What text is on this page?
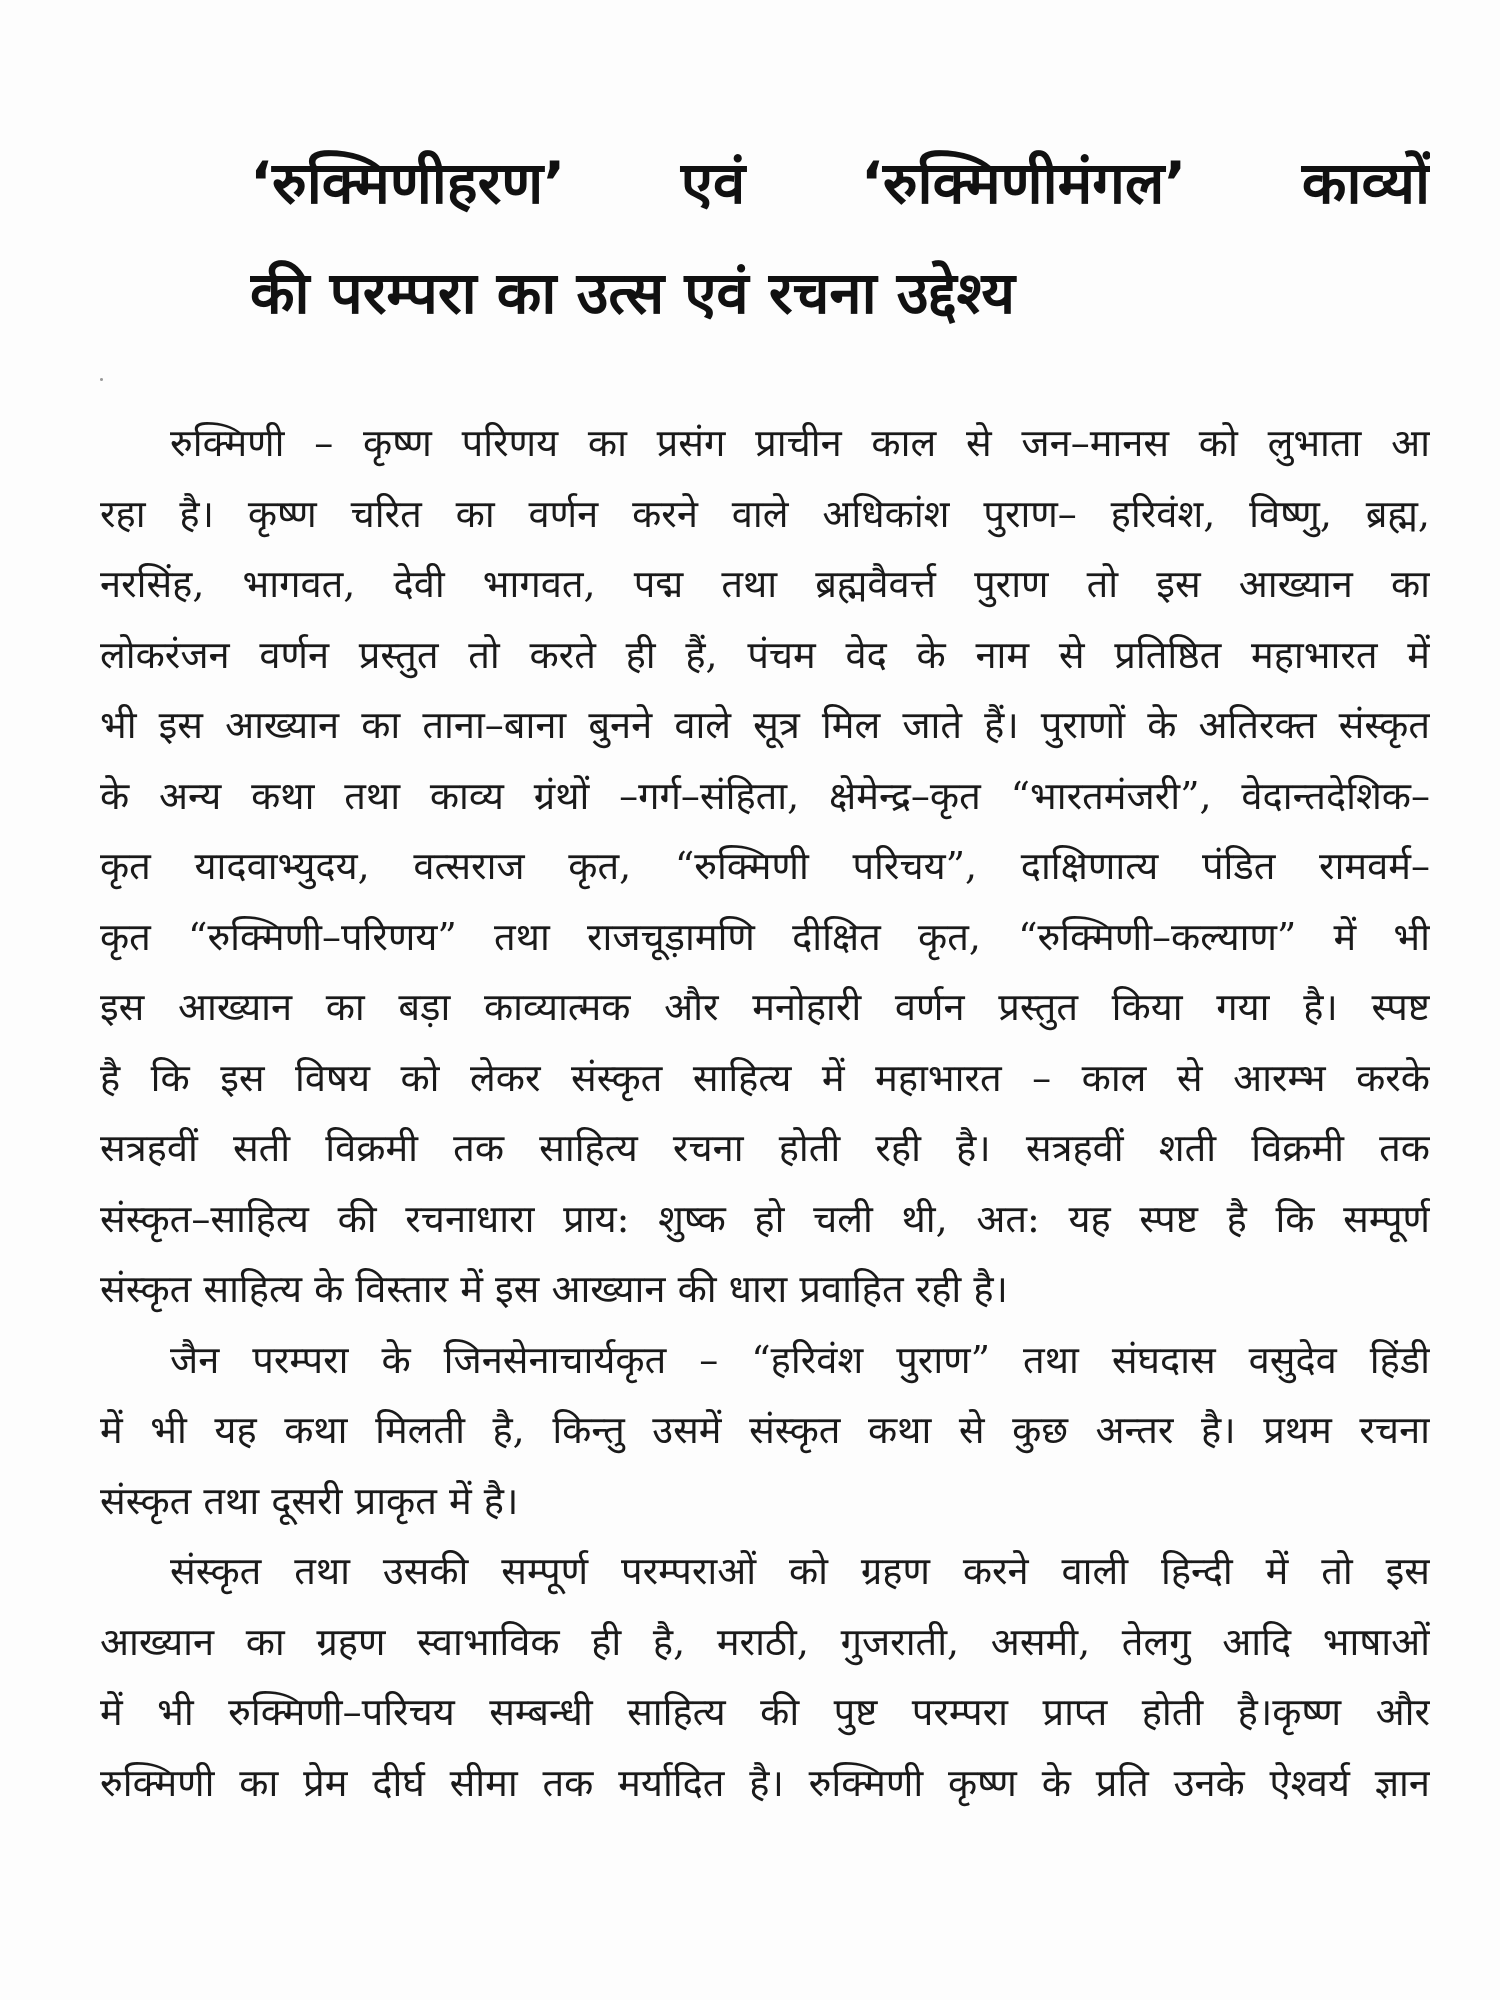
‘रुक्मिणीहरण’ एवं ‘रुक्मिणीमंगल’ काव्यों
की परम्परा का उत्स एवं रचना उद्देश्य
रुक्मिणी – कृष्ण परिणय का प्रसंग प्राचीन काल से जन–मानस को लुभाता आ
रहा है। कृष्ण चरित का वर्णन करने वाले अधिकांश पुराण– हरिवंश, विष्णु, ब्रह्म,
नरसिंह, भागवत, देवी भागवत, पद्म तथा ब्रह्मवैवर्त्त पुराण तो इस आख्यान का
लोकरंजन वर्णन प्रस्तुत तो करते ही हैं, पंचम वेद के नाम से प्रतिष्ठित महाभारत में
भी इस आख्यान का ताना–बाना बुनने वाले सूत्र मिल जाते हैं। पुराणों के अतिरक्त संस्कृत
के अन्य कथा तथा काव्य ग्रंथों –गर्ग–संहिता, क्षेमेन्द्र–कृत “भारतमंजरी”, वेदान्तदेशिक–
कृत यादवाभ्युदय, वत्सराज कृत, “रुक्मिणी परिचय”, दाक्षिणात्य पंडित रामवर्म–
कृत “रुक्मिणी–परिणय” तथा राजचूड़ामणि दीक्षित कृत, “रुक्मिणी–कल्याण” में भी
इस आख्यान का बड़ा काव्यात्मक और मनोहारी वर्णन प्रस्तुत किया गया है। स्पष्ट
है कि इस विषय को लेकर संस्कृत साहित्य में महाभारत – काल से आरम्भ करके
सत्रहवीं सती विक्रमी तक साहित्य रचना होती रही है। सत्रहवीं शती विक्रमी तक
संस्कृत–साहित्य की रचनाधारा प्राय: शुष्क हो चली थी, अत: यह स्पष्ट है कि सम्पूर्ण
संस्कृत साहित्य के विस्तार में इस आख्यान की धारा प्रवाहित रही है।
जैन परम्परा के जिनसेनाचार्यकृत – “हरिवंश पुराण” तथा संघदास वसुदेव हिंडी
में भी यह कथा मिलती है, किन्तु उसमें संस्कृत कथा से कुछ अन्तर है। प्रथम रचना
संस्कृत तथा दूसरी प्राकृत में है।
संस्कृत तथा उसकी सम्पूर्ण परम्पराओं को ग्रहण करने वाली हिन्दी में तो इस
आख्यान का ग्रहण स्वाभाविक ही है, मराठी, गुजराती, असमी, तेलगु आदि भाषाओं
में भी रुक्मिणी–परिचय सम्बन्धी साहित्य की पुष्ट परम्परा प्राप्त होती है।कृष्ण और
रुक्मिणी का प्रेम दीर्घ सीमा तक मर्यादित है। रुक्मिणी कृष्ण के प्रति उनके ऐश्वर्य ज्ञान
